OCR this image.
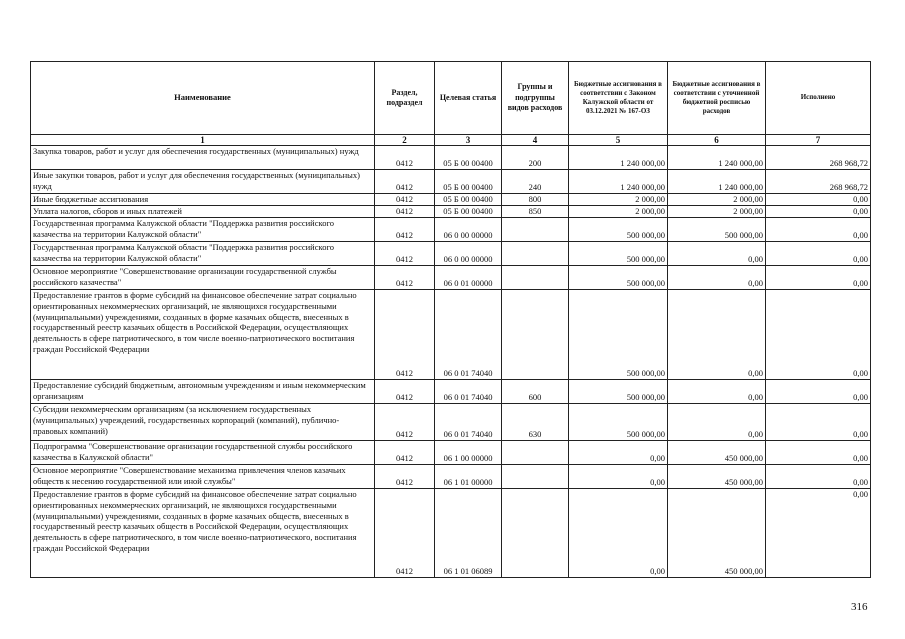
Наименование	Раздел, подраздел	Целевая статья	Группы и подгруппы видов расходов	Бюджетные ассигнования в соответствии с Законом Калужской области от 03.12.2021 № 167-ОЗ	Бюджетные ассигнования в соответствии с уточненной бюджетной росписью расходов	Исполнено
1	2	3	4	5	6	7
Закупка товаров, работ и услуг для обеспечения государственных (муниципальных) нужд	0412	05 Б 00 00400	200	1 240 000,00	1 240 000,00	268 968,72
Иные закупки товаров, работ и услуг для обеспечения государственных (муниципальных) нужд	0412	05 Б 00 00400	240	1 240 000,00	1 240 000,00	268 968,72
Иные бюджетные ассигнования	0412	05 Б 00 00400	800	2 000,00	2 000,00	0,00
Уплата налогов, сборов и иных платежей	0412	05 Б 00 00400	850	2 000,00	2 000,00	0,00
Государственная программа Калужской области "Поддержка развития российского казачества на территории Калужской области"	0412	06 0 00 00000		500 000,00	500 000,00	0,00
Государственная программа Калужской области "Поддержка развития российского казачества на территории Калужской области"	0412	06 0 00 00000		500 000,00	0,00	0,00
Основное мероприятие "Совершенствование организации государственной службы российского казачества"	0412	06 0 01 00000		500 000,00	0,00	0,00
Предоставление грантов в форме субсидий на финансовое обеспечение затрат социально ориентированных некоммерческих организаций, не являющихся государственными (муниципальными) учреждениями, созданных в форме казачьих обществ, внесенных в государственный реестр казачьих обществ в Российской Федерации, осуществляющих деятельность в сфере патриотического, в том числе военно-патриотического воспитания граждан Российской Федерации	0412	06 0 01 74040		500 000,00	0,00	0,00
Предоставление субсидий бюджетным, автономным учреждениям и иным некоммерческим организациям	0412	06 0 01 74040	600	500 000,00	0,00	0,00
Субсидии некоммерческим организациям (за исключением государственных (муниципальных) учреждений, государственных корпораций (компаний), публично-правовых компаний)	0412	06 0 01 74040	630	500 000,00	0,00	0,00
Подпрограмма "Совершенствование организации государственной службы российского казачества в Калужской области"	0412	06 1 00 00000		0,00	450 000,00	0,00
Основное мероприятие "Совершенствование механизма привлечения членов казачьих обществ к несению государственной или иной службы"	0412	06 1 01 00000		0,00	450 000,00	0,00
Предоставление грантов в форме субсидий на финансовое обеспечение затрат социально ориентированных некоммерческих организаций, не являющихся государственными (муниципальными) учреждениями, созданных в форме казачьих обществ, внесенных в государственный реестр казачьих обществ в Российской Федерации, осуществляющих деятельность в сфере патриотического, в том числе военно-патриотического, воспитания граждан Российской Федерации	0412	06 1 01 06089		0,00	450 000,00	0,00
316
